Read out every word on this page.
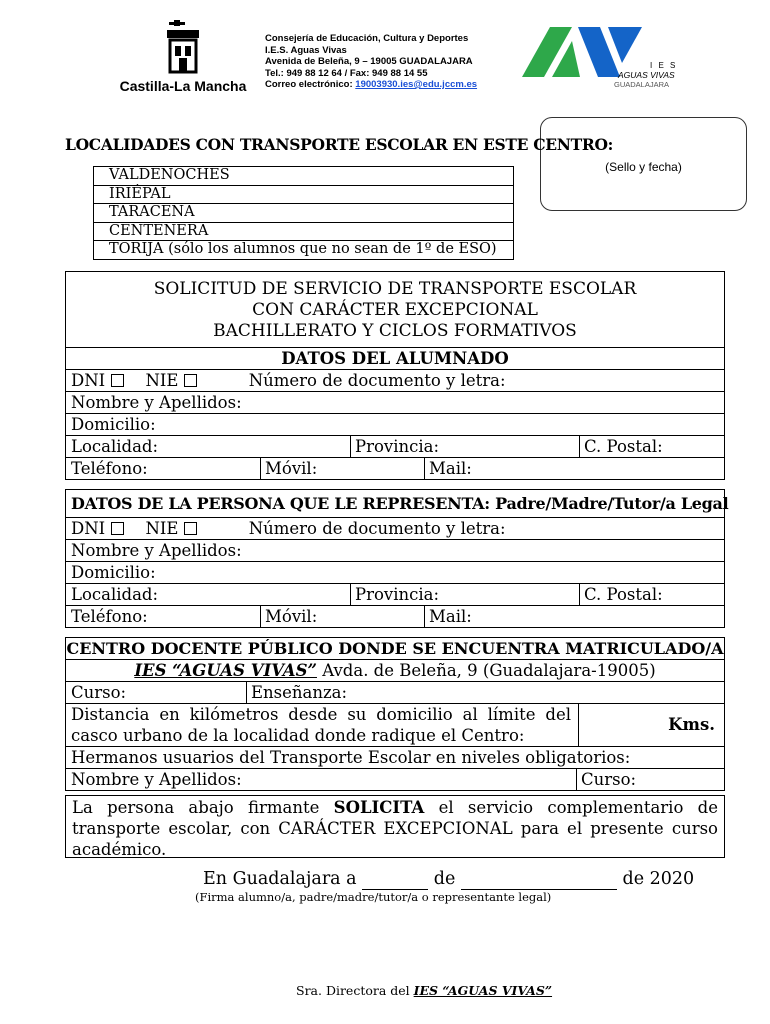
Castilla-La Mancha
Consejería de Educación, Cultura y Deportes
I.E.S. Aguas Vivas
Avenida de Beleña, 9 – 19005 GUADALAJARA
Tel.: 949 88 12 64 / Fax: 949 88 14 55
Correo electrónico: 19003930.ies@edu.jccm.es
I E S
AGUAS VIVAS
GUADALAJARA
(Sello y fecha)
LOCALIDADES CON TRANSPORTE ESCOLAR EN ESTE CENTRO:
VALDENOCHES
IRIÉPAL
TARACENA
CENTENERA
TORIJA (sólo los alumnos que no sean de 1º de ESO)
SOLICITUD DE SERVICIO DE TRANSPORTE ESCOLAR
CON CARÁCTER EXCEPCIONAL
BACHILLERATO Y CICLOS FORMATIVOS
DATOS DEL ALUMNADO
DNI NIE	Número de documento y letra:
Nombre y Apellidos:
Domicilio:
Localidad:	Provincia:	C. Postal:
Teléfono:	Móvil:	Mail:
DATOS DE LA PERSONA QUE LE REPRESENTA: Padre/Madre/Tutor/a Legal
DNI NIE	Número de documento y letra:
Nombre y Apellidos:
Domicilio:
Localidad:	Provincia:	C. Postal:
Teléfono:	Móvil:	Mail:
CENTRO DOCENTE PÚBLICO DONDE SE ENCUENTRA MATRICULADO/A
IES “AGUAS VIVAS” Avda. de Beleña, 9 (Guadalajara-19005)
Curso:	Enseñanza:
Distancia en kilómetros desde su domicilio al límite del
casco urbano de la localidad donde radique el Centro:
Kms.
Hermanos usuarios del Transporte Escolar en niveles obligatorios:
Nombre y Apellidos:	Curso:
La persona abajo firmante SOLICITA el servicio complementario de transporte escolar, con CARÁCTER EXCEPCIONAL para el presente curso académico.
En Guadalajara a	de	de 2020
(Firma alumno/a, padre/madre/tutor/a o representante legal)
Sra. Directora del IES “AGUAS VIVAS”
